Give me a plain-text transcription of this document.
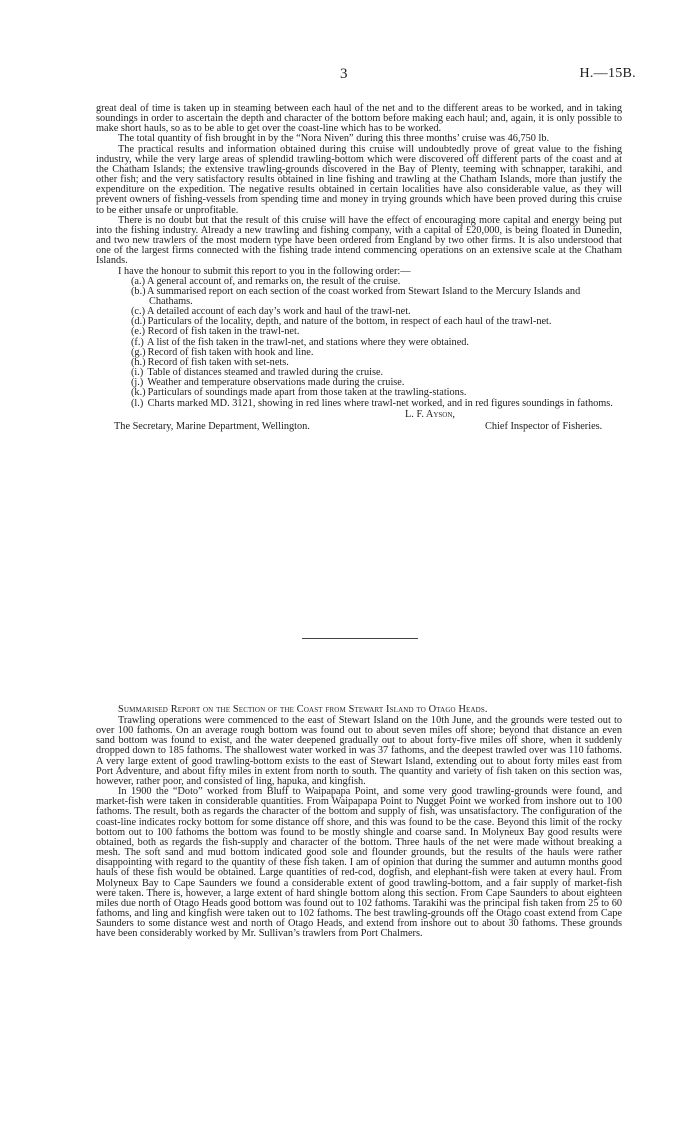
3	H.—15B.

great deal of time is taken up in steaming between each haul of the net and to the different areas to be worked, and in taking soundings in order to ascertain the depth and character of the bottom before making each haul; and, again, it is only possible to make short hauls, so as to be able to get over the coast-line which has to be worked.

The total quantity of fish brought in by the “Nora Niven” during this three months’ cruise was 46,750 lb.

The practical results and information obtained during this cruise will undoubtedly prove of great value to the fishing industry, while the very large areas of splendid trawling-bottom which were discovered off different parts of the coast and at the Chatham Islands; the extensive trawling-grounds discovered in the Bay of Plenty, teeming with schnapper, tarakihi, and other fish; and the very satisfactory results obtained in line fishing and trawling at the Chatham Islands, more than justify the expenditure on the expedition. The negative results obtained in certain localities have also considerable value, as they will prevent owners of fishing-vessels from spending time and money in trying grounds which have been proved during this cruise to be either unsafe or unprofitable.

There is no doubt but that the result of this cruise will have the effect of encouraging more capital and energy being put into the fishing industry. Already a new trawling and fishing company, with a capital of £20,000, is being floated in Dunedin, and two new trawlers of the most modern type have been ordered from England by two other firms. It is also understood that one of the largest firms connected with the fishing trade intend commencing operations on an extensive scale at the Chatham Islands.

I have the honour to submit this report to you in the following order:—

(a.) A general account of, and remarks on, the result of the cruise.
(b.) A summarised report on each section of the coast worked from Stewart Island to the Mercury Islands and Chathams.
(c.) A detailed account of each day’s work and haul of the trawl-net.
(d.) Particulars of the locality, depth, and nature of the bottom, in respect of each haul of the trawl-net.
(e.) Record of fish taken in the trawl-net.
(f.) A list of the fish taken in the trawl-net, and stations where they were obtained.
(g.) Record of fish taken with hook and line.
(h.) Record of fish taken with set-nets.
(i.) Table of distances steamed and trawled during the cruise.
(j.) Weather and temperature observations made during the cruise.
(k.) Particulars of soundings made apart from those taken at the trawling-stations.
(l.) Charts marked MD. 3121, showing in red lines where trawl-net worked, and in red figures soundings in fathoms.
L. F. Ayson,
The Secretary, Marine Department, Wellington.	Chief Inspector of Fisheries.
Summarised Report on the Section of the Coast from Stewart Island to Otago Heads.

Trawling operations were commenced to the east of Stewart Island on the 10th June, and the grounds were tested out to over 100 fathoms. On an average rough bottom was found out to about seven miles off shore; beyond that distance an even sand bottom was found to exist, and the water deepened gradually out to about forty-five miles off shore, when it suddenly dropped down to 185 fathoms. The shallowest water worked in was 37 fathoms, and the deepest trawled over was 110 fathoms. A very large extent of good trawling-bottom exists to the east of Stewart Island, extending out to about forty miles east from Port Adventure, and about fifty miles in extent from north to south. The quantity and variety of fish taken on this section was, however, rather poor, and consisted of ling, hapuka, and kingfish.

In 1900 the “Doto” worked from Bluff to Waipapapa Point, and some very good trawling-grounds were found, and market-fish were taken in considerable quantities. From Waipapapa Point to Nugget Point we worked from inshore out to 100 fathoms. The result, both as regards the character of the bottom and supply of fish, was unsatisfactory. The configuration of the coast-line indicates rocky bottom for some distance off shore, and this was found to be the case. Beyond this limit of the rocky bottom out to 100 fathoms the bottom was found to be mostly shingle and coarse sand. In Molyneux Bay good results were obtained, both as regards the fish-supply and character of the bottom. Three hauls of the net were made without breaking a mesh. The soft sand and mud bottom indicated good sole and flounder grounds, but the results of the hauls were rather disappointing with regard to the quantity of these fish taken. I am of opinion that during the summer and autumn months good hauls of these fish would be obtained. Large quantities of red-cod, dogfish, and elephant-fish were taken at every haul. From Molyneux Bay to Cape Saunders we found a considerable extent of good trawling-bottom, and a fair supply of market-fish were taken. There is, however, a large extent of hard shingle bottom along this section. From Cape Saunders to about eighteen miles due north of Otago Heads good bottom was found out to 102 fathoms. Tarakihi was the principal fish taken from 25 to 60 fathoms, and ling and kingfish were taken out to 102 fathoms. The best trawling-grounds off the Otago coast extend from Cape Saunders to some distance west and north of Otago Heads, and extend from inshore out to about 30 fathoms. These grounds have been considerably worked by Mr. Sullivan’s trawlers from Port Chalmers.
